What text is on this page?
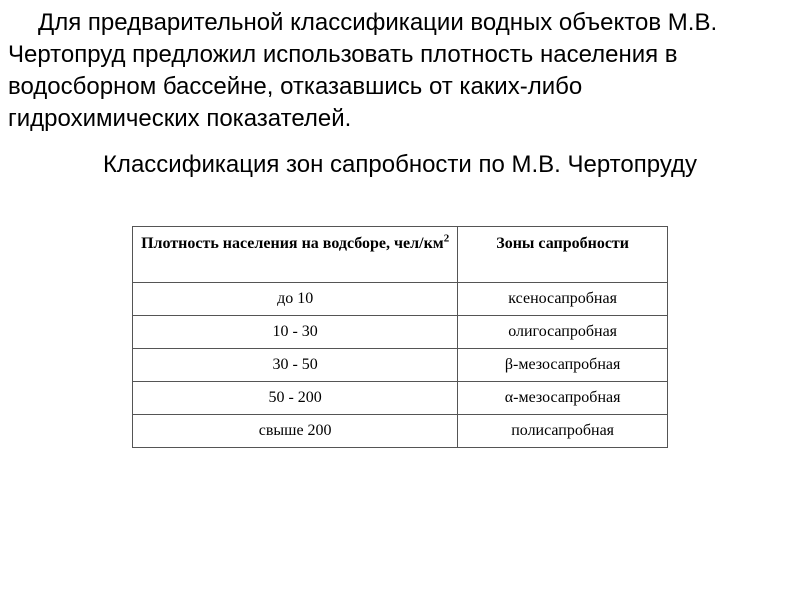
Для предварительной классификации водных объектов М.В. Чертопруд предложил использовать плотность населения в водосборном бассейне, отказавшись от каких-либо гидрохимических показателей.

Классификация зон сапробности по М.В. Чертопруду

Плотность населения на водсборе, чел/$км^2$	Зоны сапробности
до 10	ксеносапробная
10 - 30	олигосапробная
30 - 50	β-мезосапробная
50 - 200	α-мезосапробная
свыше 200	полисапробная
